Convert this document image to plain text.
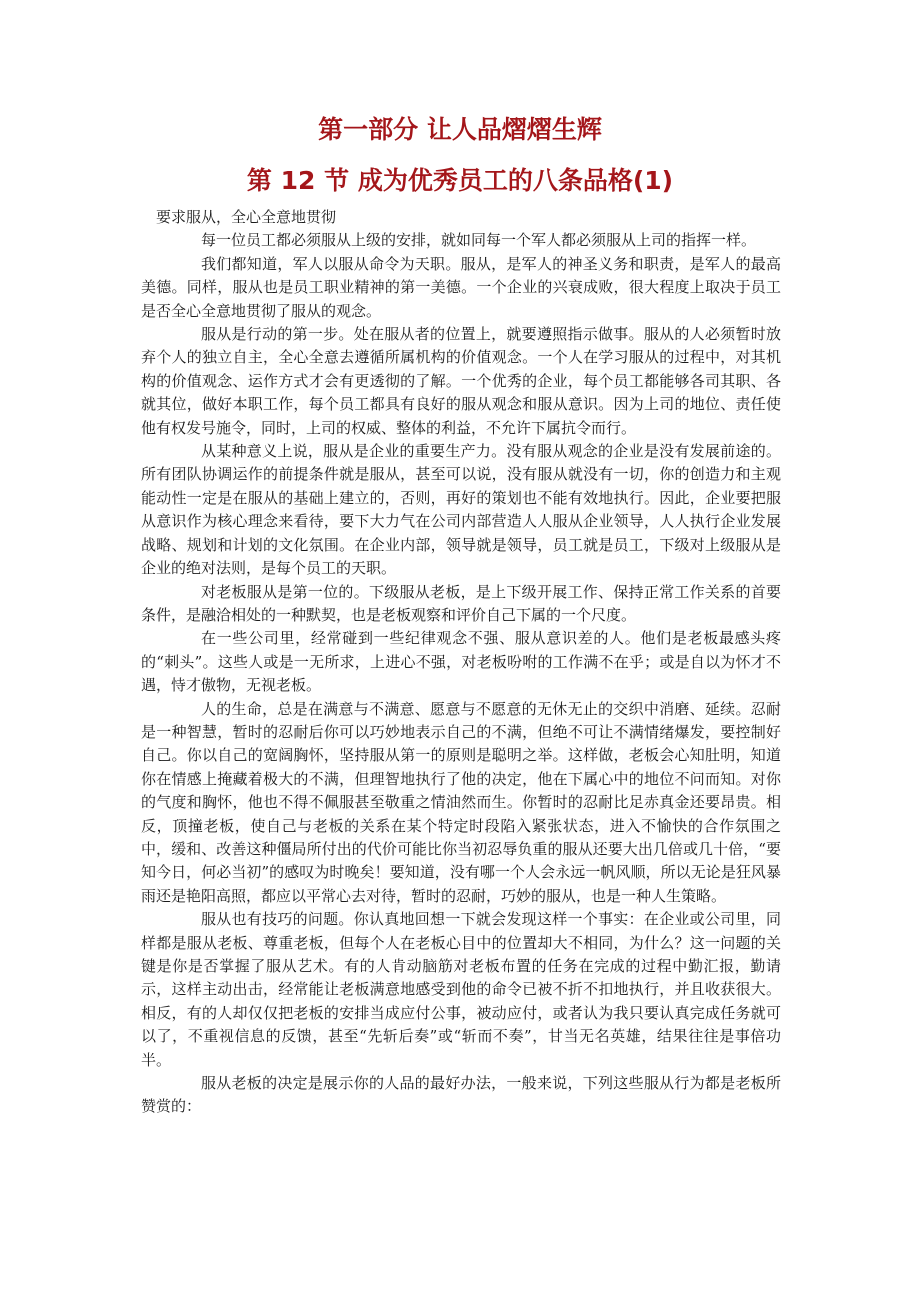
第一部分 让人品熠熠生辉
第 12 节 成为优秀员工的八条品格(1)

要求服从，全心全意地贯彻

每一位员工都必须服从上级的安排，就如同每一个军人都必须服从上司的指挥一样。

我们都知道，军人以服从命令为天职。服从，是军人的神圣义务和职责，是军人的最高美德。同样，服从也是员工职业精神的第一美德。一个企业的兴衰成败，很大程度上取决于员工是否全心全意地贯彻了服从的观念。

服从是行动的第一步。处在服从者的位置上，就要遵照指示做事。服从的人必须暂时放弃个人的独立自主，全心全意去遵循所属机构的价值观念。一个人在学习服从的过程中，对其机构的价值观念、运作方式才会有更透彻的了解。一个优秀的企业，每个员工都能够各司其职、各就其位，做好本职工作，每个员工都具有良好的服从观念和服从意识。因为上司的地位、责任使他有权发号施令，同时，上司的权威、整体的利益，不允许下属抗令而行。

从某种意义上说，服从是企业的重要生产力。没有服从观念的企业是没有发展前途的。所有团队协调运作的前提条件就是服从，甚至可以说，没有服从就没有一切，你的创造力和主观能动性一定是在服从的基础上建立的，否则，再好的策划也不能有效地执行。因此，企业要把服从意识作为核心理念来看待，要下大力气在公司内部营造人人服从企业领导，人人执行企业发展战略、规划和计划的文化氛围。在企业内部，领导就是领导，员工就是员工，下级对上级服从是企业的绝对法则，是每个员工的天职。

对老板服从是第一位的。下级服从老板，是上下级开展工作、保持正常工作关系的首要条件，是融洽相处的一种默契，也是老板观察和评价自己下属的一个尺度。

在一些公司里，经常碰到一些纪律观念不强、服从意识差的人。他们是老板最感头疼的“刺头”。这些人或是一无所求，上进心不强，对老板吩咐的工作满不在乎；或是自以为怀才不遇，恃才傲物，无视老板。

人的生命，总是在满意与不满意、愿意与不愿意的无休无止的交织中消磨、延续。忍耐是一种智慧，暂时的忍耐后你可以巧妙地表示自己的不满，但绝不可让不满情绪爆发，要控制好自己。你以自己的宽阔胸怀，坚持服从第一的原则是聪明之举。这样做，老板会心知肚明，知道你在情感上掩藏着极大的不满，但理智地执行了他的决定，他在下属心中的地位不问而知。对你的气度和胸怀，他也不得不佩服甚至敬重之情油然而生。你暂时的忍耐比足赤真金还要昂贵。相反，顶撞老板，使自己与老板的关系在某个特定时段陷入紧张状态，进入不愉快的合作氛围之中，缓和、改善这种僵局所付出的代价可能比你当初忍辱负重的服从还要大出几倍或几十倍，“要知今日，何必当初”的感叹为时晚矣！要知道，没有哪一个人会永远一帆风顺，所以无论是狂风暴雨还是艳阳高照，都应以平常心去对待，暂时的忍耐，巧妙的服从，也是一种人生策略。

服从也有技巧的问题。你认真地回想一下就会发现这样一个事实：在企业或公司里，同样都是服从老板、尊重老板，但每个人在老板心目中的位置却大不相同，为什么？这一问题的关键是你是否掌握了服从艺术。有的人肯动脑筋对老板布置的任务在完成的过程中勤汇报，勤请示，这样主动出击，经常能让老板满意地感受到他的命令已被不折不扣地执行，并且收获很大。相反，有的人却仅仅把老板的安排当成应付公事，被动应付，或者认为我只要认真完成任务就可以了，不重视信息的反馈，甚至“先斩后奏”或“斩而不奏”，甘当无名英雄，结果往往是事倍功半。

服从老板的决定是展示你的人品的最好办法，一般来说，下列这些服从行为都是老板所赞赏的：
